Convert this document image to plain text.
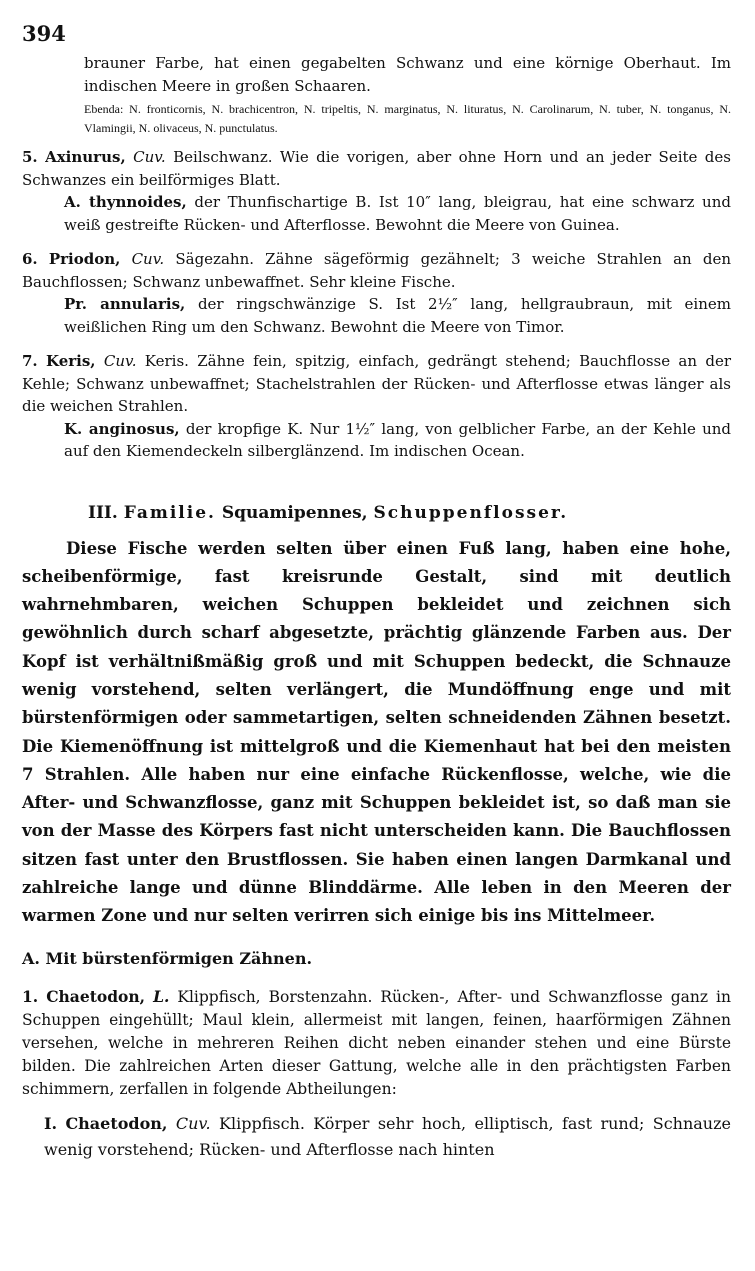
394

brauner Farbe, hat einen gegabelten Schwanz und eine körnige Oberhaut. Im indischen Meere in großen Schaaren.

Ebenda: N. fronticornis, N. brachicentron, N. tripeltis, N. marginatus, N. lituratus, N. Carolinarum, N. tuber, N. tonganus, N. Vlamingii, N. olivaceus, N. punctulatus.

5. Axinurus, Cuv. Beilschwanz. Wie die vorigen, aber ohne Horn und an jeder Seite des Schwanzes ein beilförmiges Blatt.

A. thynnoides, der Thunfischartige B. Ist 10″ lang, bleigrau, hat eine schwarz und weiß gestreifte Rücken- und Afterflosse. Bewohnt die Meere von Guinea.

6. Priodon, Cuv. Sägezahn. Zähne sägeförmig gezähnelt; 3 weiche Strahlen an den Bauchflossen; Schwanz unbewaffnet. Sehr kleine Fische.

Pr. annularis, der ringschwänzige S. Ist 2½″ lang, hellgraubraun, mit einem weißlichen Ring um den Schwanz. Bewohnt die Meere von Timor.

7. Keris, Cuv. Keris. Zähne fein, spitzig, einfach, gedrängt stehend; Bauchflosse an der Kehle; Schwanz unbewaffnet; Stachelstrahlen der Rücken- und Afterflosse etwas länger als die weichen Strahlen.

K. anginosus, der kropfige K. Nur 1½″ lang, von gelblicher Farbe, an der Kehle und auf den Kiemendeckeln silberglänzend. Im indischen Ocean.

III. Familie. Squamipennes, Schuppenflosser.

Diese Fische werden selten über einen Fuß lang, haben eine hohe, scheibenförmige, fast kreisrunde Gestalt, sind mit deutlich wahrnehmbaren, weichen Schuppen bekleidet und zeichnen sich gewöhnlich durch scharf abgesetzte, prächtig glänzende Farben aus. Der Kopf ist verhältnißmäßig groß und mit Schuppen bedeckt, die Schnauze wenig vorstehend, selten verlängert, die Mundöffnung enge und mit bürstenförmigen oder sammetartigen, selten schneidenden Zähnen besetzt. Die Kiemenöffnung ist mittelgroß und die Kiemenhaut hat bei den meisten 7 Strahlen. Alle haben nur eine einfache Rückenflosse, welche, wie die After- und Schwanzflosse, ganz mit Schuppen bekleidet ist, so daß man sie von der Masse des Körpers fast nicht unterscheiden kann. Die Bauchflossen sitzen fast unter den Brustflossen. Sie haben einen langen Darmkanal und zahlreiche lange und dünne Blinddärme. Alle leben in den Meeren der warmen Zone und nur selten verirren sich einige bis ins Mittelmeer.

A. Mit bürstenförmigen Zähnen.

1. Chaetodon, L. Klippfisch, Borstenzahn. Rücken-, After- und Schwanzflosse ganz in Schuppen eingehüllt; Maul klein, allermeist mit langen, feinen, haarförmigen Zähnen versehen, welche in mehreren Reihen dicht neben einander stehen und eine Bürste bilden. Die zahlreichen Arten dieser Gattung, welche alle in den prächtigsten Farben schimmern, zerfallen in folgende Abtheilungen:

I. Chaetodon, Cuv. Klippfisch. Körper sehr hoch, elliptisch, fast rund; Schnauze wenig vorstehend; Rücken- und Afterflosse nach hinten
